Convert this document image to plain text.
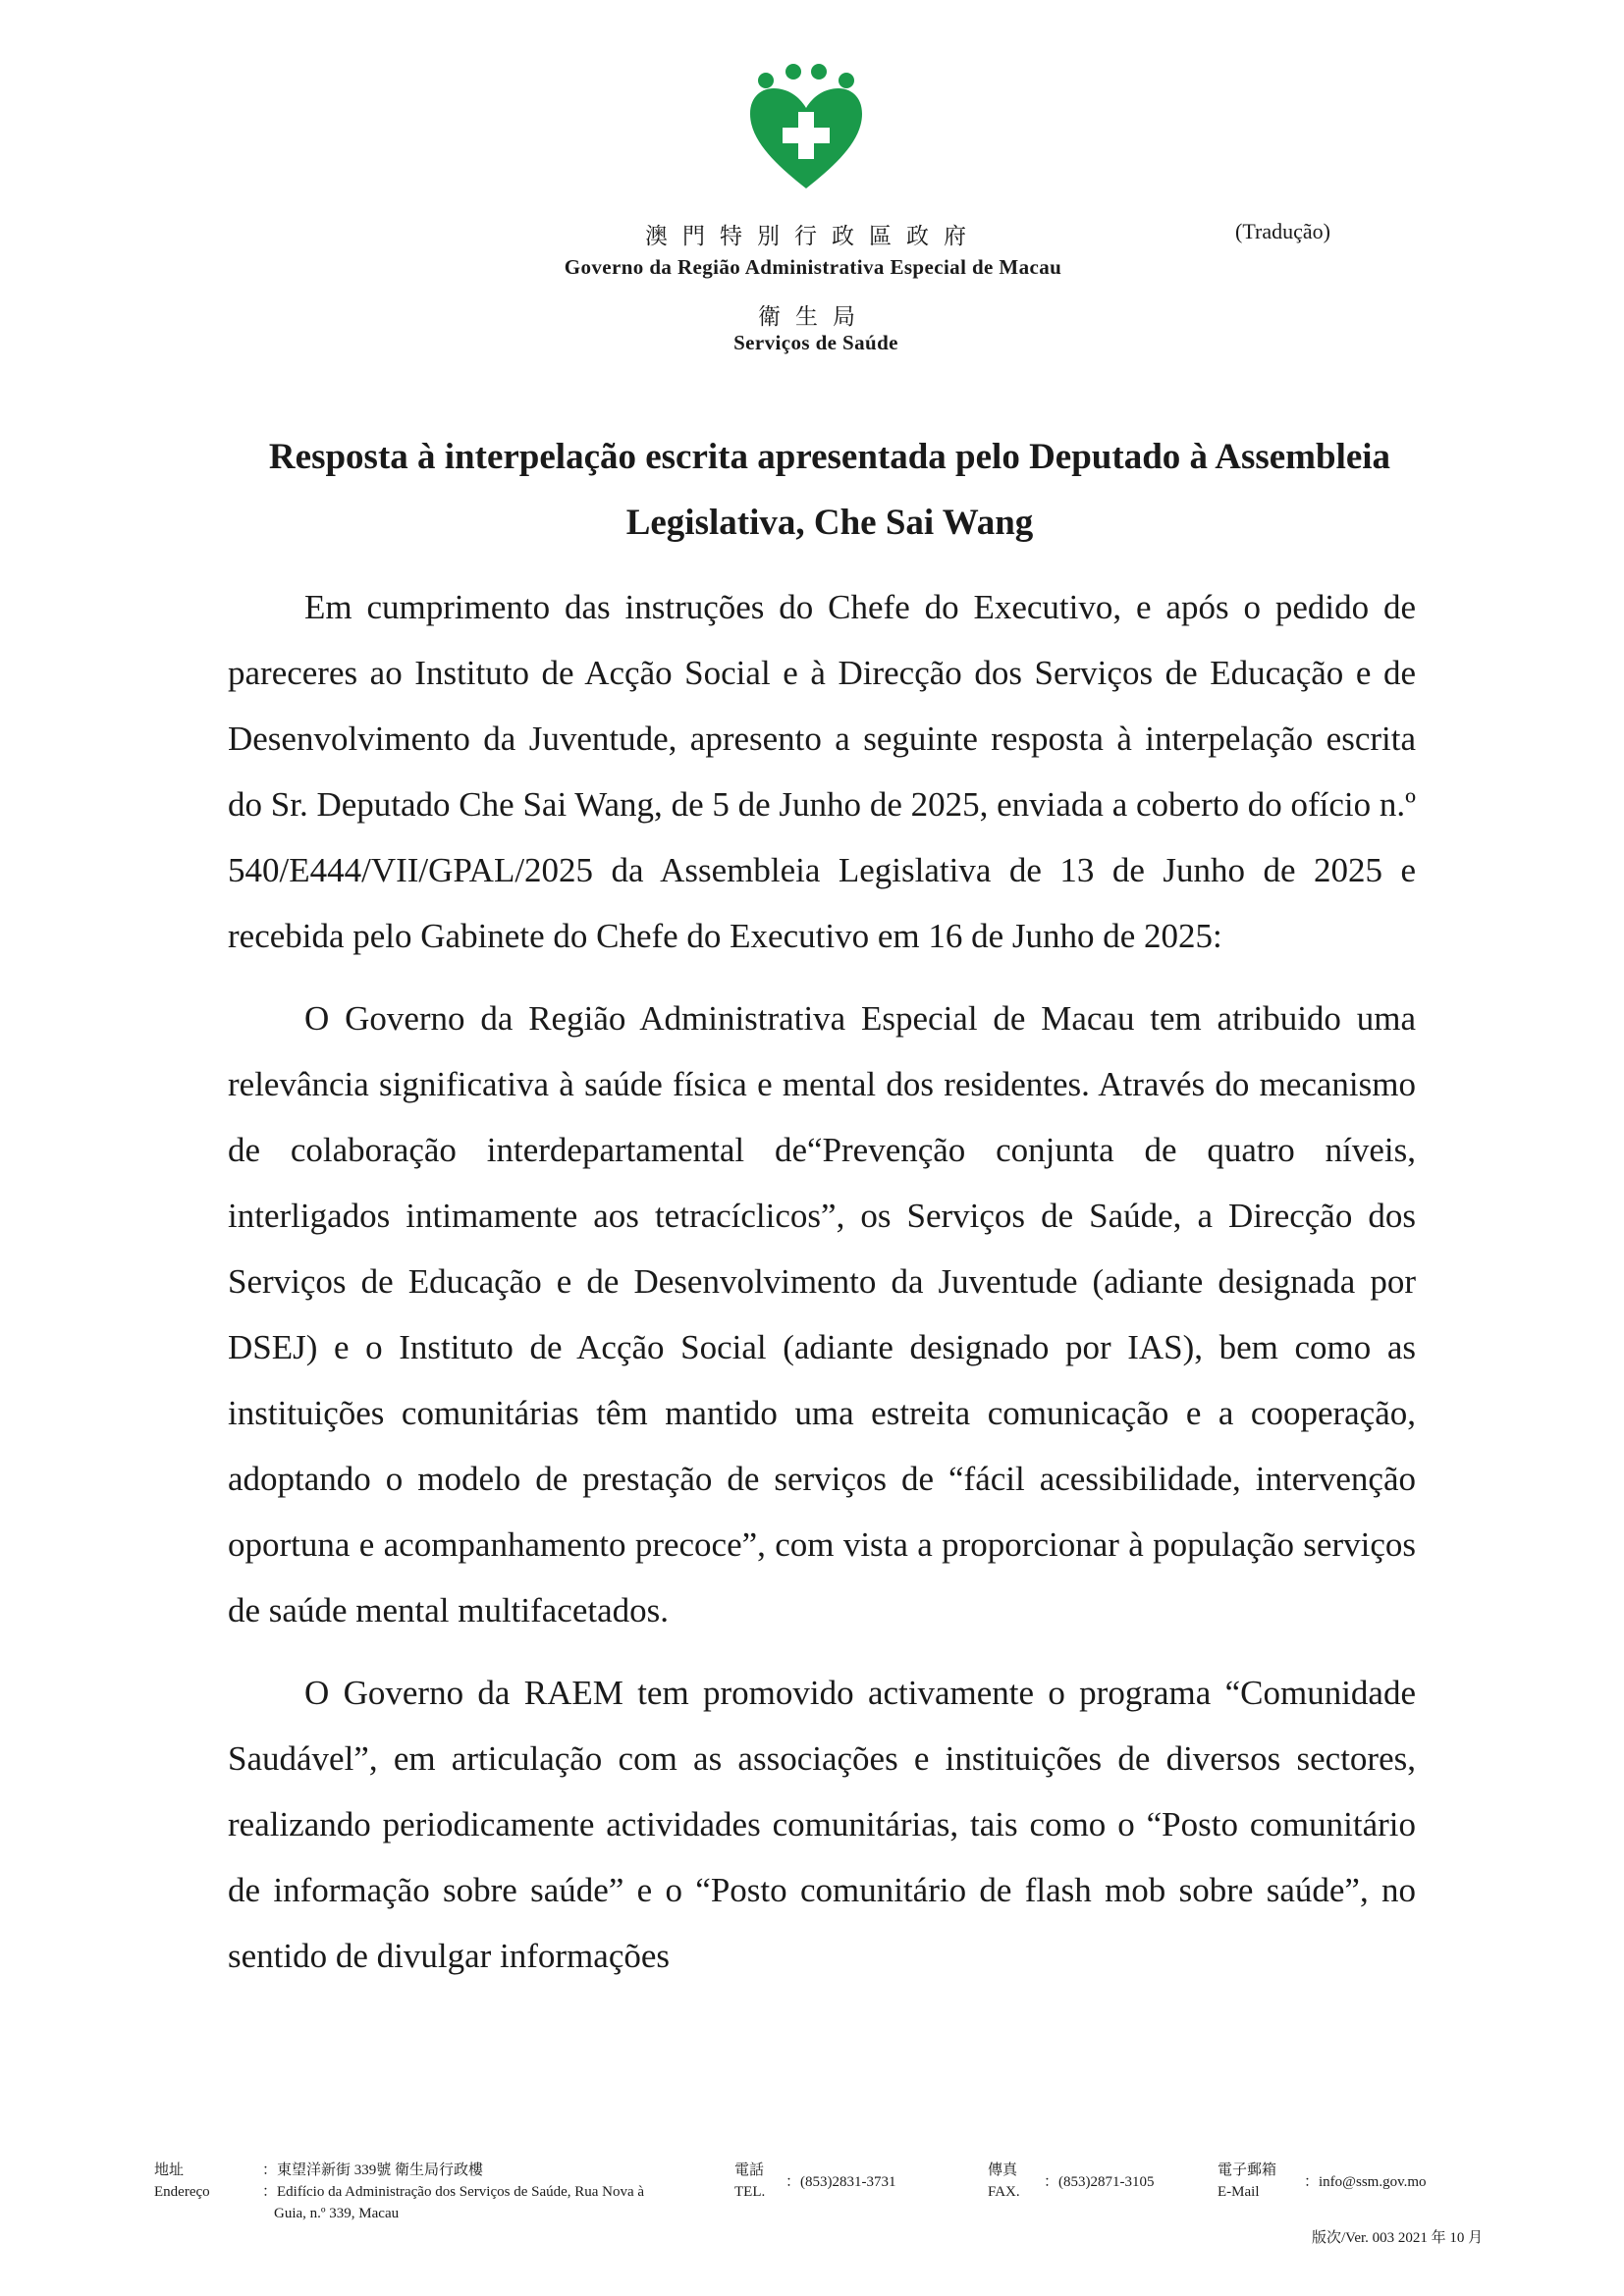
澳門特別行政區政府
Governo da Região Administrativa Especial de Macau
衛生局
Serviços de Saúde
(Tradução)
Resposta à interpelação escrita apresentada pelo Deputado à Assembleia Legislativa, Che Sai Wang

Em cumprimento das instruções do Chefe do Executivo, e após o pedido de pareceres ao Instituto de Acção Social e à Direcção dos Serviços de Educação e de Desenvolvimento da Juventude, apresento a seguinte resposta à interpelação escrita do Sr. Deputado Che Sai Wang, de 5 de Junho de 2025, enviada a coberto do ofício n.º 540/E444/VII/GPAL/2025 da Assembleia Legislativa de 13 de Junho de 2025 e recebida pelo Gabinete do Chefe do Executivo em 16 de Junho de 2025:

O Governo da Região Administrativa Especial de Macau tem atribuido uma relevância significativa à saúde física e mental dos residentes. Através do mecanismo de colaboração interdepartamental de“Prevenção conjunta de quatro níveis, interligados intimamente aos tetracíclicos”, os Serviços de Saúde, a Direcção dos Serviços de Educação e de Desenvolvimento da Juventude (adiante designada por DSEJ) e o Instituto de Acção Social (adiante designado por IAS), bem como as instituições comunitárias têm mantido uma estreita comunicação e a cooperação, adoptando o modelo de prestação de serviços de “fácil acessibilidade, intervenção oportuna e acompanhamento precoce”, com vista a proporcionar à população serviços de saúde mental multifacetados.

O Governo da RAEM tem promovido activamente o programa “Comunidade Saudável”, em articulação com as associações e instituições de diversos sectores, realizando periodicamente actividades comunitárias, tais como o “Posto comunitário de informação sobre saúde” e o “Posto comunitário de flash mob sobre saúde”, no sentido de divulgar informações

地址
Endereço
：東望洋新街 339號 衛生局行政樓
：Edifício da Administração dos Serviços de Saúde, Rua Nova à
Guia, n.º 339, Macau
電話
TEL.
：(853)2831-3731
傳真
FAX.
：(853)2871-3105
電子郵箱
E-Mail
：info@ssm.gov.mo
版次/Ver. 003 2021 年 10 月
